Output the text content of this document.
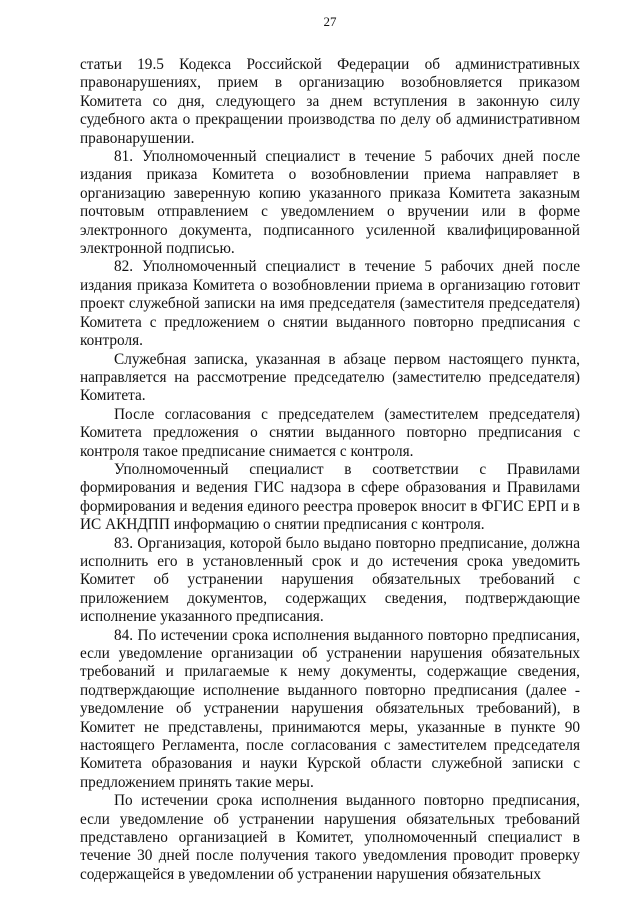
27

статьи 19.5 Кодекса Российской Федерации об административных правонарушениях, прием в организацию возобновляется приказом Комитета со дня, следующего за днем вступления в законную силу судебного акта о прекращении производства по делу об административном правонарушении.

81. Уполномоченный специалист в течение 5 рабочих дней после издания приказа Комитета о возобновлении приема направляет в организацию заверенную копию указанного приказа Комитета заказным почтовым отправлением с уведомлением о вручении или в форме электронного документа, подписанного усиленной квалифицированной электронной подписью.

82. Уполномоченный специалист в течение 5 рабочих дней после издания приказа Комитета о возобновлении приема в организацию готовит проект служебной записки на имя председателя (заместителя председателя) Комитета с предложением о снятии выданного повторно предписания с контроля.

Служебная записка, указанная в абзаце первом настоящего пункта, направляется на рассмотрение председателю (заместителю председателя) Комитета.

После согласования с председателем (заместителем председателя) Комитета предложения о снятии выданного повторно предписания с контроля такое предписание снимается с контроля.

Уполномоченный специалист в соответствии с Правилами формирования и ведения ГИС надзора в сфере образования и Правилами формирования и ведения единого реестра проверок вносит в ФГИС ЕРП и в ИС АКНДПП информацию о снятии предписания с контроля.

83. Организация, которой было выдано повторно предписание, должна исполнить его в установленный срок и до истечения срока уведомить Комитет об устранении нарушения обязательных требований с приложением документов, содержащих сведения, подтверждающие исполнение указанного предписания.

84. По истечении срока исполнения выданного повторно предписания, если уведомление организации об устранении нарушения обязательных требований и прилагаемые к нему документы, содержащие сведения, подтверждающие исполнение выданного повторно предписания (далее - уведомление об устранении нарушения обязательных требований), в Комитет не представлены, принимаются меры, указанные в пункте 90 настоящего Регламента, после согласования с заместителем председателя Комитета образования и науки Курской области служебной записки с предложением принять такие меры.

По истечении срока исполнения выданного повторно предписания, если уведомление об устранении нарушения обязательных требований представлено организацией в Комитет, уполномоченный специалист в течение 30 дней после получения такого уведомления проводит проверку содержащейся в уведомлении об устранении нарушения обязательных
